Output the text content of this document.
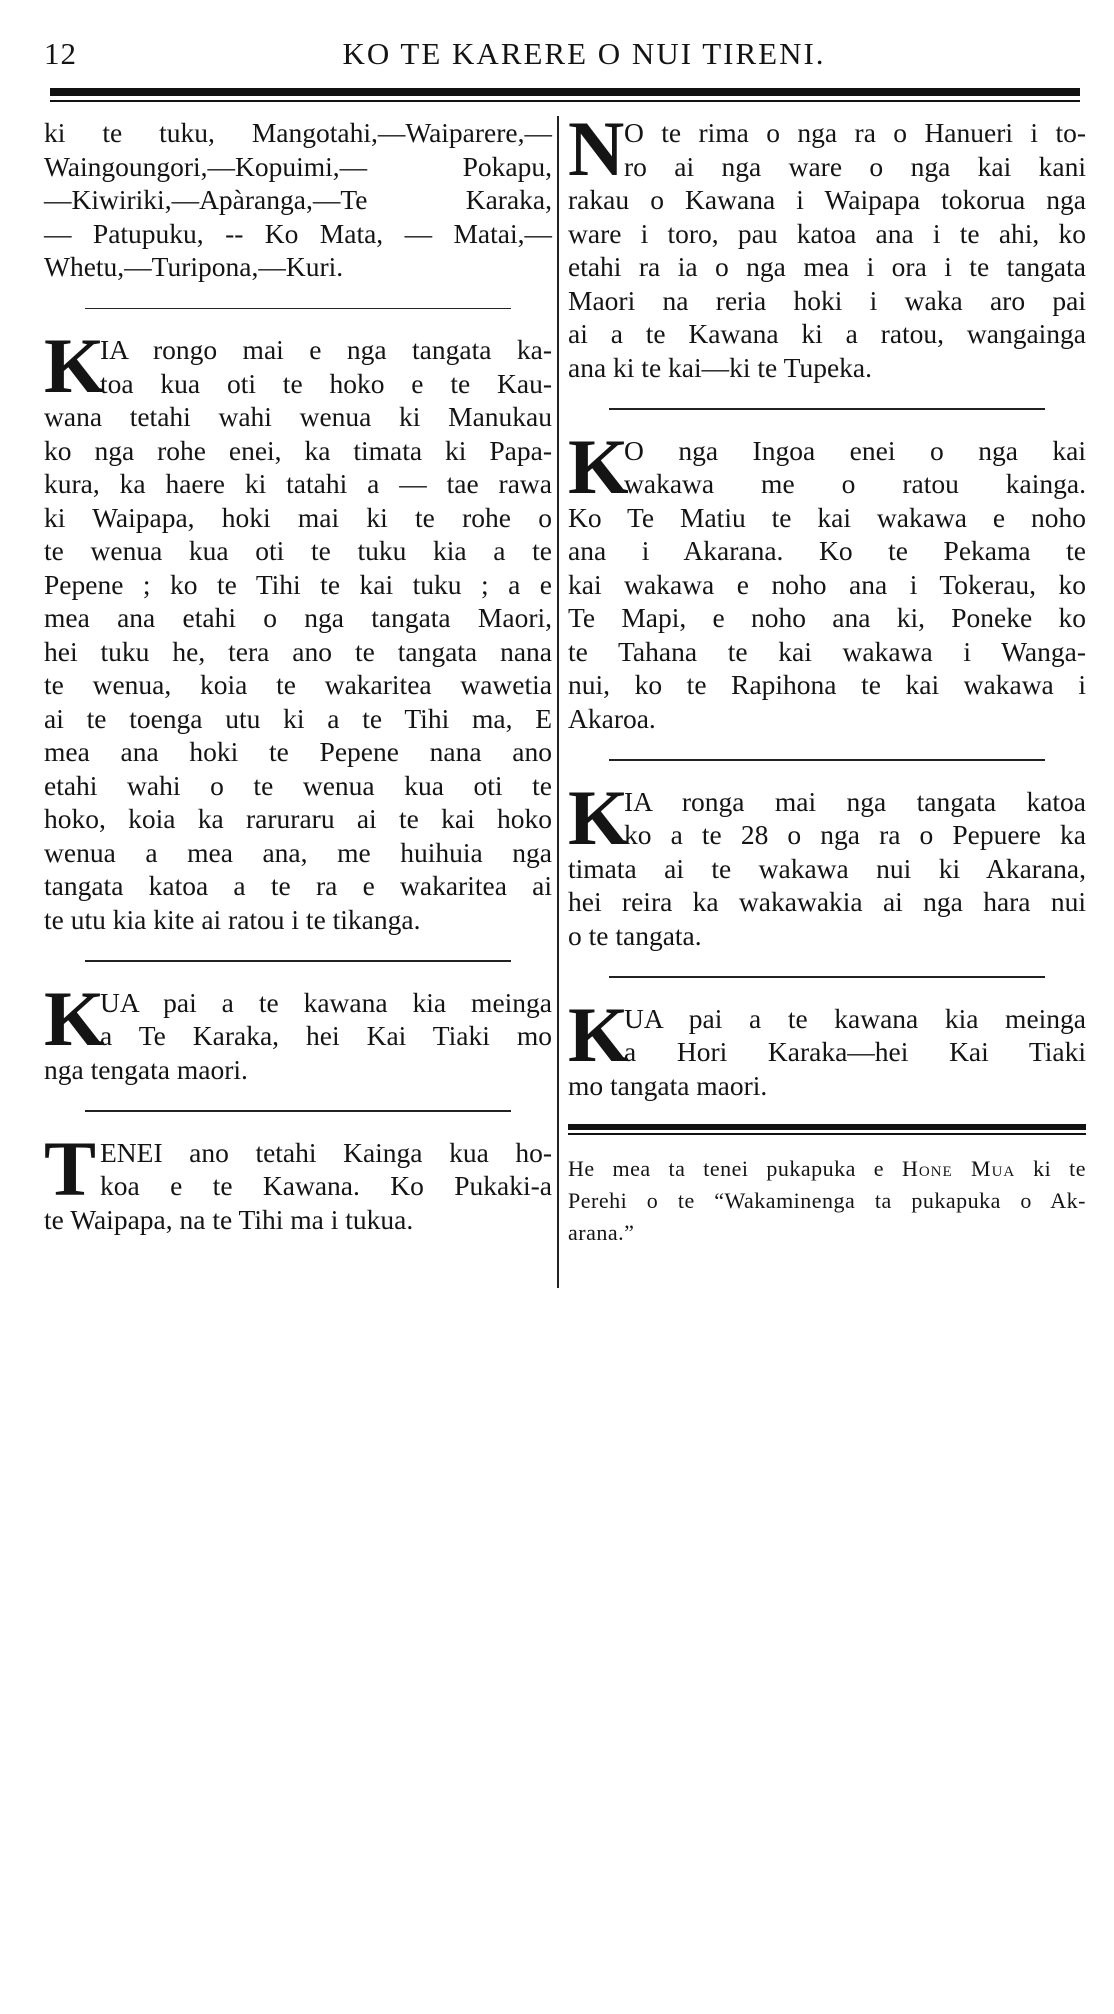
12	KO TE KARERE O NUI TIRENI.
ki te tuku, Mangotahi,—Waiparere,—
Waingoungori,—Kopuimi,— Pokapu,
—Kiwiriki,—Apàranga,—Te Karaka,
— Patupuku, -- Ko Mata, — Matai,—
Whetu,—Turipona,—Kuri.
K
IA rongo mai e nga tangata ka-
toa kua oti te hoko e te Kau-
wana tetahi wahi wenua ki Manukau
ko nga rohe enei, ka timata ki Papa-
kura, ka haere ki tatahi a — tae rawa
ki Waipapa, hoki mai ki te rohe o
te wenua kua oti te tuku kia a te
Pepene ; ko te Tihi te kai tuku ; a e
mea ana etahi o nga tangata Maori,
hei tuku he, tera ano te tangata nana
te wenua, koia te wakaritea wawetia
ai te toenga utu ki a te Tihi ma, E
mea ana hoki te Pepene nana ano
etahi wahi o te wenua kua oti te
hoko, koia ka raruraru ai te kai hoko
wenua a mea ana, me huihuia nga
tangata katoa a te ra e wakaritea ai
te utu kia kite ai ratou i te tikanga.
K
UA pai a te kawana kia meinga
a Te Karaka, hei Kai Tiaki mo
nga tengata maori.
T ENEI ano tetahi Kainga kua ho-
koa e te Kawana. Ko Pukaki-a
te Waipapa, na te Tihi ma i tukua.
N O te rima o nga ra o Hanueri i to-
ro ai nga ware o nga kai kani
rakau o Kawana i Waipapa tokorua nga
ware i toro, pau katoa ana i te ahi, ko
etahi ra ia o nga mea i ora i te tangata
Maori na reria hoki i waka aro pai
ai a te Kawana ki a ratou, wangainga
ana ki te kai—ki te Tupeka.
K
O nga Ingoa enei o nga kai
wakawa me o ratou kainga.
Ko Te Matiu te kai wakawa e noho
ana i Akarana. Ko te Pekama te
kai wakawa e noho ana i Tokerau, ko
Te Mapi, e noho ana ki, Poneke ko
te Tahana te kai wakawa i Wanga-
nui, ko te Rapihona te kai wakawa i
Akaroa.
K
IA ronga mai nga tangata katoa
ko a te 28 o nga ra o Pepuere ka
timata ai te wakawa nui ki Akarana,
hei reira ka wakawakia ai nga hara nui
o te tangata.
K
UA pai a te kawana kia meinga
a Hori Karaka—hei Kai Tiaki
mo tangata maori.
He mea ta tenei pukapuka e Hone Mua ki te
Perehi o te “Wakaminenga ta pukapuka o Ak-
arana.”
